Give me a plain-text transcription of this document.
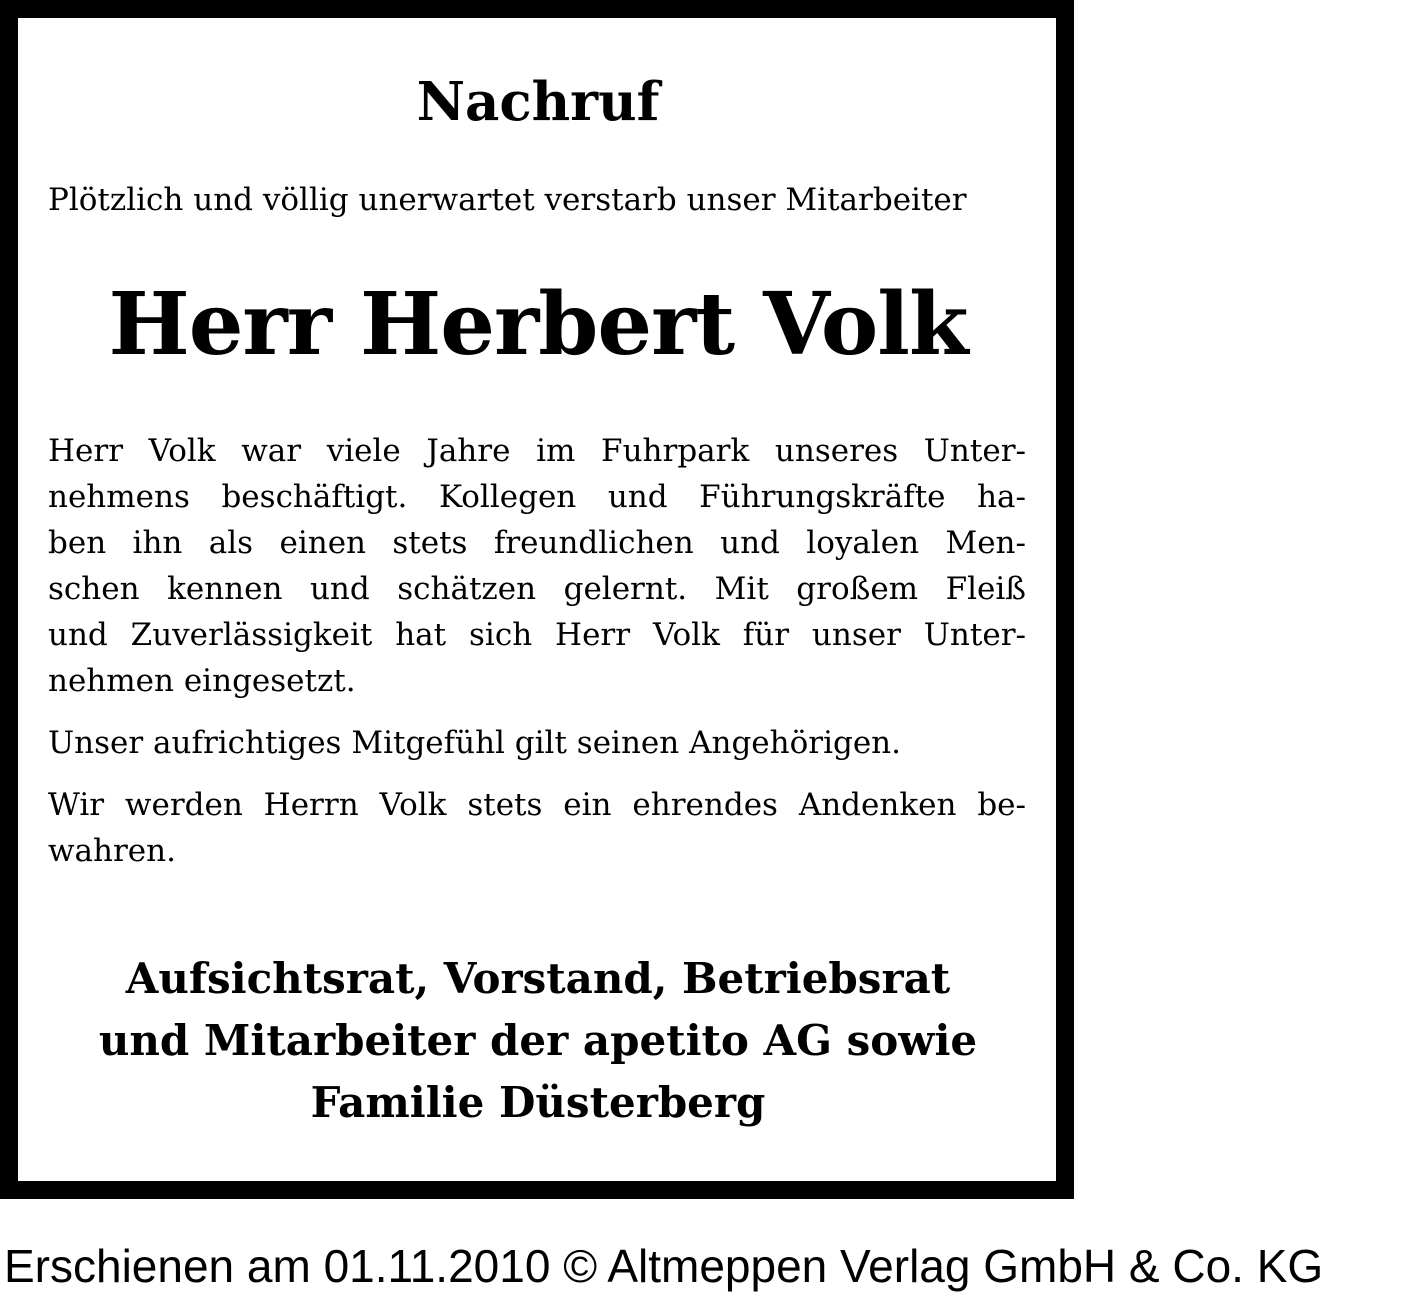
Nachruf

Plötzlich und völlig unerwartet verstarb unser Mitarbeiter

Herr Herbert Volk

Herr Volk war viele Jahre im Fuhrpark unseres Unter-
nehmens beschäftigt. Kollegen und Führungskräfte ha-
ben ihn als einen stets freundlichen und loyalen Men-
schen kennen und schätzen gelernt. Mit großem Fleiß
und Zuverlässigkeit hat sich Herr Volk für unser Unter-
nehmen eingesetzt.

Unser aufrichtiges Mitgefühl gilt seinen Angehörigen.

Wir werden Herrn Volk stets ein ehrendes Andenken be-
wahren.

Aufsichtsrat, Vorstand, Betriebsrat
und Mitarbeiter der apetito AG sowie
Familie Düsterberg
Erschienen am 01.11.2010 © Altmeppen Verlag GmbH & Co. KG
